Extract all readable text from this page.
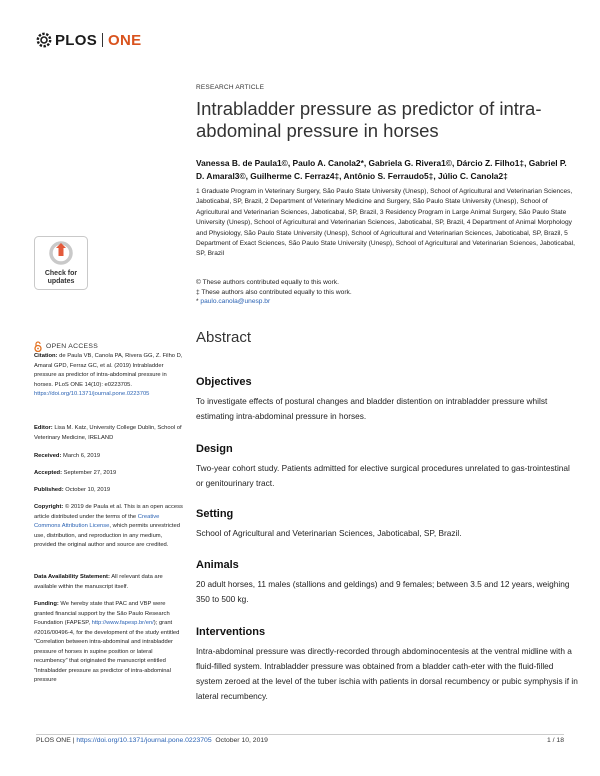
PLOS ONE
RESEARCH ARTICLE
Intrabladder pressure as predictor of intra-abdominal pressure in horses
Vanessa B. de Paula1©, Paulo A. Canola2*, Gabriela G. Rivera1©, Dárcio Z. Filho1‡, Gabriel P. D. Amaral3©, Guilherme C. Ferraz4‡, Antônio S. Ferraudo5‡, Júlio C. Canola2‡
1 Graduate Program in Veterinary Surgery, São Paulo State University (Unesp), School of Agricultural and Veterinarian Sciences, Jaboticabal, SP, Brazil, 2 Department of Veterinary Medicine and Surgery, São Paulo State University (Unesp), School of Agricultural and Veterinarian Sciences, Jaboticabal, SP, Brazil, 3 Residency Program in Large Animal Surgery, São Paulo State University (Unesp), School of Agricultural and Veterinarian Sciences, Jaboticabal, SP, Brazil, 4 Department of Animal Morphology and Physiology, São Paulo State University (Unesp), School of Agricultural and Veterinarian Sciences, Jaboticabal, SP, Brazil, 5 Department of Exact Sciences, São Paulo State University (Unesp), School of Agricultural and Veterinarian Sciences, Jaboticabal, SP, Brazil
© These authors contributed equally to this work.
‡ These authors also contributed equally to this work.
* paulo.canola@unesp.br
Abstract
Objectives
To investigate effects of postural changes and bladder distention on intrabladder pressure whilst estimating intra-abdominal pressure in horses.
Design
Two-year cohort study. Patients admitted for elective surgical procedures unrelated to gas-trointestinal or genitourinary tract.
Setting
School of Agricultural and Veterinarian Sciences, Jaboticabal, SP, Brazil.
Animals
20 adult horses, 11 males (stallions and geldings) and 9 females; between 3.5 and 12 years, weighing 350 to 500 kg.
Interventions
Intra-abdominal pressure was directly-recorded through abdominocentesis at the ventral midline with a fluid-filled system. Intrabladder pressure was obtained from a bladder cath-eter with the fluid-filled system zeroed at the level of the tuber ischia with patients in dorsal recumbency or pubic symphysis if in lateral recumbency.
Check for
updates
OPEN ACCESS
Citation: de Paula VB, Canola PA, Rivera GG, Z. Filho D, Amaral GPD, Ferraz GC, et al. (2019) Intrabladder pressure as predictor of intra-abdominal pressure in horses. PLoS ONE 14(10): e0223705. https://doi.org/10.1371/journal.pone.0223705
Editor: Lisa M. Katz, University College Dublin, School of Veterinary Medicine, IRELAND
Received: March 6, 2019
Accepted: September 27, 2019
Published: October 10, 2019
Copyright: © 2019 de Paula et al. This is an open access article distributed under the terms of the Creative Commons Attribution License, which permits unrestricted use, distribution, and reproduction in any medium, provided the original author and source are credited.
Data Availability Statement: All relevant data are available within the manuscript itself.
Funding: We hereby state that PAC and VBP were granted financial support by the São Paulo Research Foundation (FAPESP, http://www.fapesp.br/en/); grant #2016/00496-4, for the development of the study entitled “Correlation between intra-abdominal and intrabladder pressure of horses in supine position or lateral recumbency” that originated the manuscript entitled “Intrabladder pressure as predictor of intra-abdominal pressure
PLOS ONE | https://doi.org/10.1371/journal.pone.0223705 October 10, 2019	1 / 18
